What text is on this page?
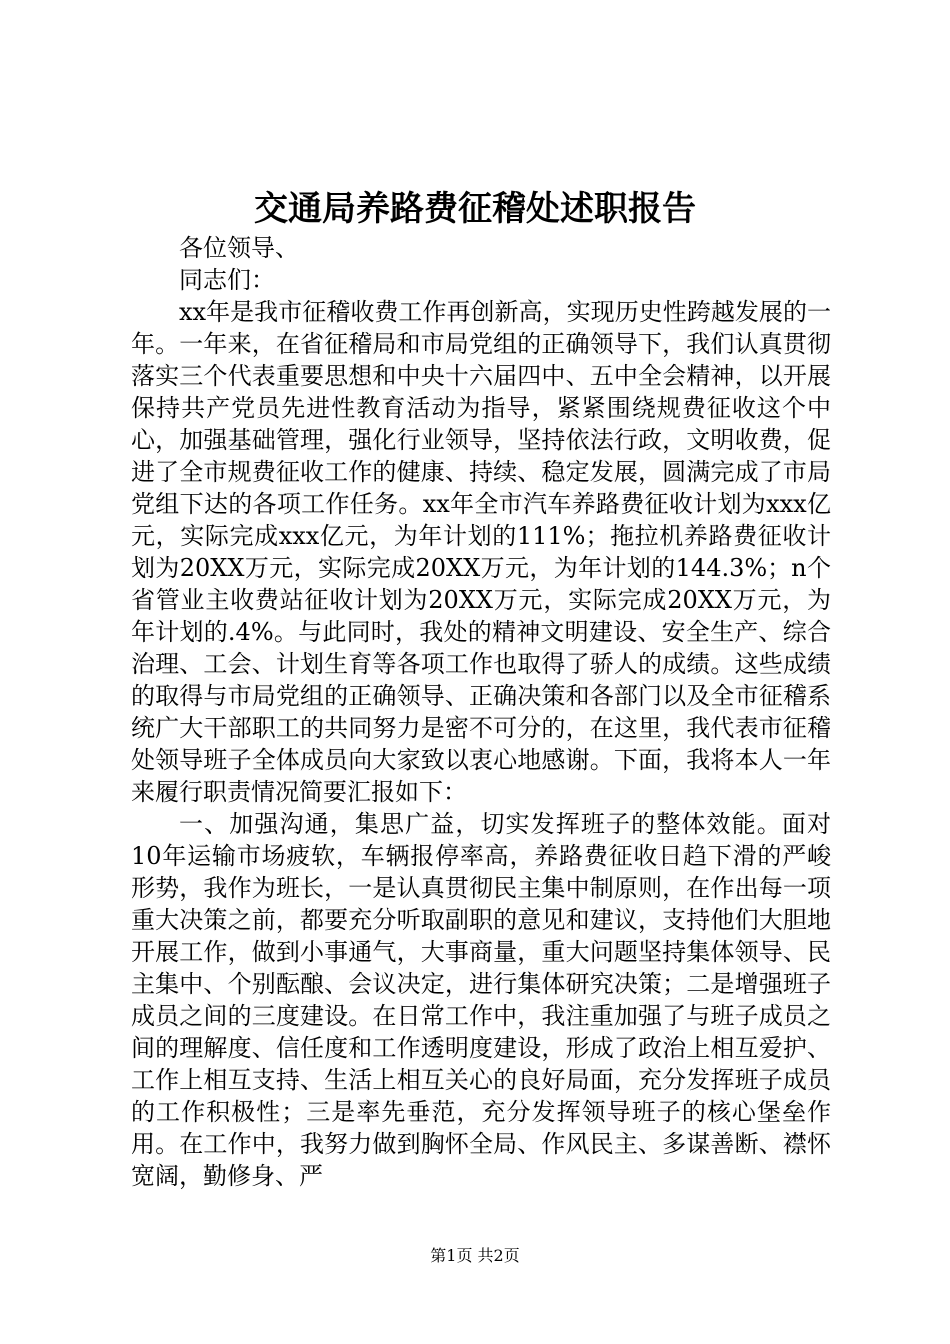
交通局养路费征稽处述职报告

各位领导、

同志们：

xx年是我市征稽收费工作再创新高，实现历史性跨越发展的一年。一年来，在省征稽局和市局党组的正确领导下，我们认真贯彻落实三个代表重要思想和中央十六届四中、五中全会精神，以开展保持共产党员先进性教育活动为指导，紧紧围绕规费征收这个中心，加强基础管理，强化行业领导，坚持依法行政，文明收费，促进了全市规费征收工作的健康、持续、稳定发展，圆满完成了市局党组下达的各项工作任务。xx年全市汽车养路费征收计划为xxx亿元，实际完成xxx亿元，为年计划的111%；拖拉机养路费征收计划为20XX万元，实际完成20XX万元，为年计划的144.3%；n个省管业主收费站征收计划为20XX万元，实际完成20XX万元，为年计划的.4%。与此同时，我处的精神文明建设、安全生产、综合治理、工会、计划生育等各项工作也取得了骄人的成绩。这些成绩的取得与市局党组的正确领导、正确决策和各部门以及全市征稽系统广大干部职工的共同努力是密不可分的，在这里，我代表市征稽处领导班子全体成员向大家致以衷心地感谢。下面，我将本人一年来履行职责情况简要汇报如下：

一、加强沟通，集思广益，切实发挥班子的整体效能。面对10年运输市场疲软，车辆报停率高，养路费征收日趋下滑的严峻形势，我作为班长，一是认真贯彻民主集中制原则，在作出每一项重大决策之前，都要充分听取副职的意见和建议，支持他们大胆地开展工作，做到小事通气，大事商量，重大问题坚持集体领导、民主集中、个别酝酿、会议决定，进行集体研究决策；二是增强班子成员之间的三度建设。在日常工作中，我注重加强了与班子成员之间的理解度、信任度和工作透明度建设，形成了政治上相互爱护、工作上相互支持、生活上相互关心的良好局面，充分发挥班子成员的工作积极性；三是率先垂范，充分发挥领导班子的核心堡垒作用。在工作中，我努力做到胸怀全局、作风民主、多谋善断、襟怀宽阔，勤修身、严

第1页 共2页
